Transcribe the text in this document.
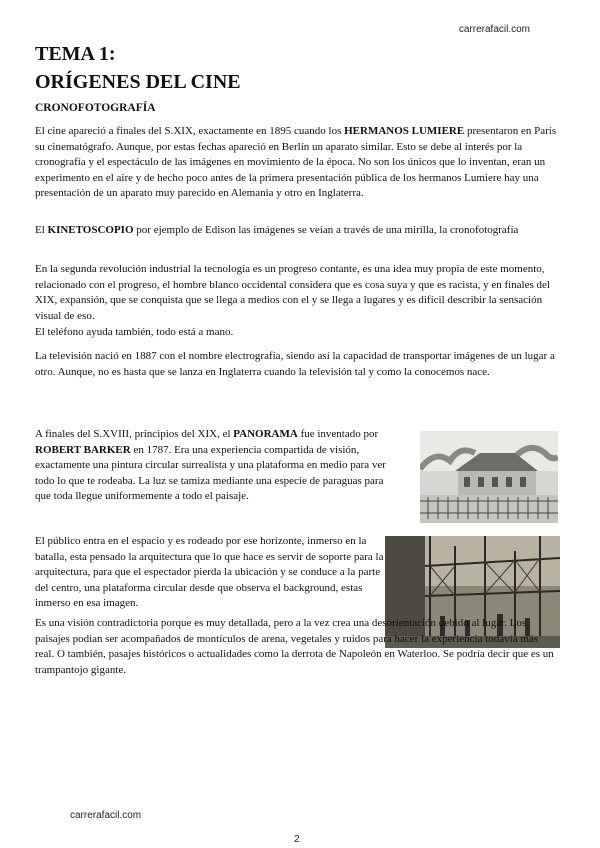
carrerafacil.com
TEMA 1:
ORÍGENES DEL CINE
CRONOFOTOGRAFÍA

El cine apareció a finales del S.XIX, exactamente en 1895 cuando los HERMANOS LUMIERE presentaron en París su cinematógrafo. Aunque, por estas fechas apareció en Berlín un aparato similar. Esto se debe al interés por la cronografía y el espectáculo de las imágenes en movimiento de la época. No son los únicos que lo inventan, eran un experimento en el aire y de hecho poco antes de la primera presentación pública de los hermanos Lumiere hay una presentación de un aparato muy parecido en Alemania y otro en Inglaterra.

El KINETOSCOPIO por ejemplo de Edison las imágenes se veían a través de una mirilla, la cronofotografía

En la segunda revolución industrial la tecnología es un progreso contante, es una idea muy propia de este momento, relacionado con el progreso, el hombre blanco occidental considera que es cosa suya y que es racista, y en finales del XIX, expansión, que se conquista que se llega a medios con el y se llega a lugares y es difícil describir la sensación visual de eso.

El teléfono ayuda también, todo está a mano.

La televisión nació en 1887 con el nombre electrografía, siendo así la capacidad de transportar imágenes de un lugar a otro. Aunque, no es hasta que se lanza en Inglaterra cuando la televisión tal y como la conocemos nace.

A finales del S.XVIII, principios del XIX, el PANORAMA fue inventado por ROBERT BARKER en 1787. Era una experiencia compartida de visión, exactamente una pintura circular surrealista y una plataforma en medio para ver todo lo que te rodeaba. La luz se tamiza mediante una especie de paraguas para que toda llegue uniformemente a todo el paisaje.

El público entra en el espacio y es rodeado por ese horizonte, inmerso en la batalla, esta pensado la arquitectura que lo que hace es servir de soporte para la arquitectura, para que el espectador pierda la ubicación y se conduce a la parte del centro, una plataforma circular desde que observa el background, estas inmerso en esa imagen.

Es una visión contradictoria porque es muy detallada, pero a la vez crea una desorientación debido al lugar. Los paisajes podían ser acompañados de montículos de arena, vegetales y ruidos para hacer la experiencia todavía más real. O también, pasajes históricos o actualidades como la derrota de Napoleón en Waterloo. Se podría decir que es un trampantojo gigante.

carrerafacil.com
2
